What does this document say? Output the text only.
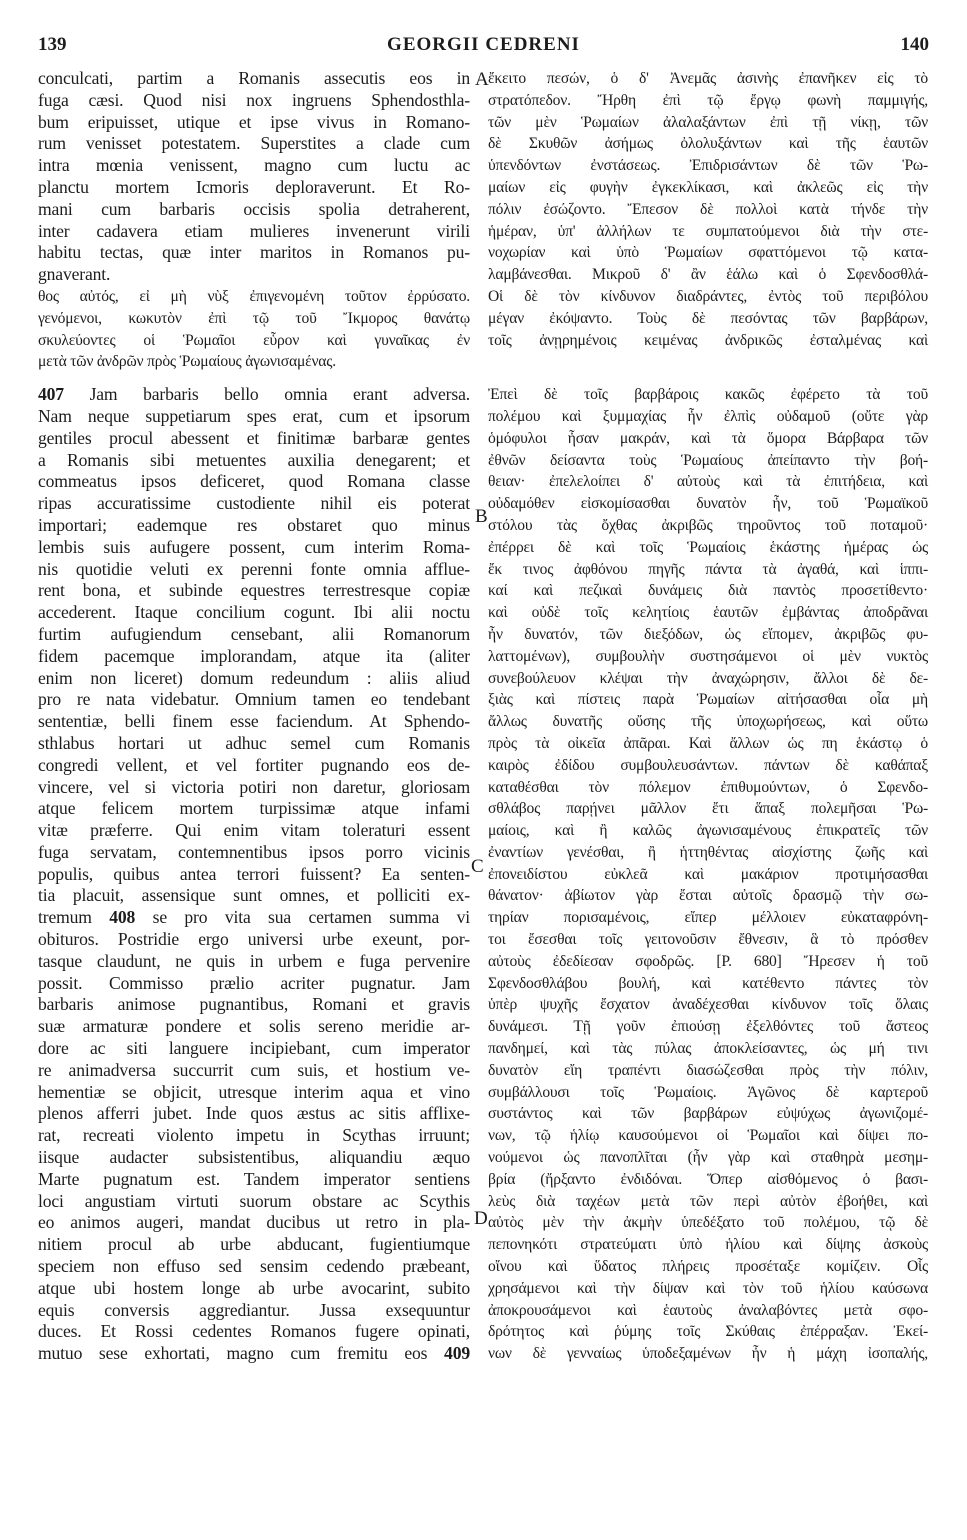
139	GEORGII CEDRENI	140
A
B
C
D

conculcati, partim a Romanis assecutis eos in

fuga cæsi. Quod nisi nox ingruens Sphendosthla-

bum eripuisset, utique et ipse vivus in Romano-

rum venisset potestatem. Superstites a clade cum

intra mœnia venissent, magno cum luctu ac

planctu mortem Icmoris deploraverunt. Et Ro-

mani cum barbaris occisis spolia detraherent,

inter cadavera etiam mulieres invenerunt virili

habitu tectas, quæ inter maritos in Romanos pu-

gnaverant.

θος αὐτός, εἰ μὴ νὺξ ἐπιγενομένη τοῦτον ἐρρύσατο.

γενόμενοι, κωκυτὸν ἐπὶ τῷ τοῦ Ἴκμορος θανάτῳ

σκυλεύοντες οἱ Ῥωμαῖοι εὗρον καὶ γυναῖκας ἐν

μετὰ τῶν ἀνδρῶν πρὸς Ῥωμαίους ἀγωνισαμένας.

407 Jam barbaris bello omnia erant adversa.

Nam neque suppetiarum spes erat, cum et ipsorum

gentiles procul abessent et finitimæ barbaræ gentes

a Romanis sibi metuentes auxilia denegarent; et

commeatus ipsos deficeret, quod Romana classe

ripas accuratissime custodiente nihil eis poterat

importari; eademque res obstaret quo minus

lembis suis aufugere possent, cum interim Roma-

nis quotidie veluti ex perenni fonte omnia afflue-

rent bona, et subinde equestres terrestresque copiæ

accederent. Itaque concilium cogunt. Ibi alii noctu

furtim aufugiendum censebant, alii Romanorum

fidem pacemque implorandam, atque ita (aliter

enim non liceret) domum redeundum : aliis aliud

pro re nata videbatur. Omnium tamen eo tendebant

sententiæ, belli finem esse faciendum. At Sphendo-

sthlabus hortari ut adhuc semel cum Romanis

congredi vellent, et vel fortiter pugnando eos de-

vincere, vel si victoria potiri non daretur, gloriosam

atque felicem mortem turpissimæ atque infami

vitæ præferre. Qui enim vitam toleraturi essent

fuga servatam, contemnentibus ipsos porro vicinis

populis, quibus antea terrori fuissent? Ea senten-

tia placuit, assensique sunt omnes, et polliciti ex-

tremum 408 se pro vita sua certamen summa vi

obituros. Postridie ergo universi urbe exeunt, por-

tasque claudunt, ne quis in urbem e fuga pervenire

possit. Commisso prælio acriter pugnatur. Jam

barbaris animose pugnantibus, Romani et gravis

suæ armaturæ pondere et solis sereno meridie ar-

dore ac siti languere incipiebant, cum imperator

re animadversa succurrit cum suis, et hostium ve-

hementiæ se objicit, utresque interim aqua et vino

plenos afferri jubet. Inde quos æstus ac sitis afflixe-

rat, recreati violento impetu in Scythas irruunt;

iisque audacter subsistentibus, aliquandiu æquo

Marte pugnatum est. Tandem imperator sentiens

loci angustiam virtuti suorum obstare ac Scythis

eo animos augeri, mandat ducibus ut retro in pla-

nitiem procul ab urbe abducant, fugientiumque

speciem non effuso sed sensim cedendo præbeant,

atque ubi hostem longe ab urbe avocarint, subito

equis conversis aggrediantur. Jussa exsequuntur

duces. Et Rossi cedentes Romanos fugere opinati,

mutuo sese exhortati, magno cum fremitu eos 409

ἔκειτο πεσών, ὁ δ' Ἀνεμᾶς ἀσινὴς ἐπανῆκεν εἰς τὸ

στρατόπεδον. Ἤρθη ἐπὶ τῷ ἔργῳ φωνὴ παμμιγής,

τῶν μὲν Ῥωμαίων ἀλαλαξάντων ἐπὶ τῇ νίκῃ, τῶν

δὲ Σκυθῶν ἀσήμως ὀλολυξάντων καὶ τῆς ἑαυτῶν

ὑπενδόντων ἐνστάσεως. Ἐπιδρισάντων δὲ τῶν Ῥω-

μαίων εἰς φυγὴν ἐγκεκλίκασι, καὶ ἀκλεῶς εἰς τὴν

πόλιν ἐσώζοντο. Ἔπεσον δὲ πολλοὶ κατὰ τήνδε τὴν

ἡμέραν, ὑπ' ἀλλήλων τε συμπατούμενοι διὰ τὴν στε-

νοχωρίαν καὶ ὑπὸ Ῥωμαίων σφαττόμενοι τῷ κατα-

λαμβάνεσθαι. Μικροῦ δ' ἂν ἑάλω καὶ ὁ Σφενδοσθλά-

Οἱ δὲ τὸν κίνδυνον διαδράντες, ἐντὸς τοῦ περιβόλου

μέγαν ἐκόψαντο. Τοὺς δὲ πεσόντας τῶν βαρβάρων,

τοῖς ἀνῃρημένοις κειμένας ἀνδρικῶς ἐσταλμένας καὶ

Ἐπεὶ δὲ τοῖς βαρβάροις κακῶς ἐφέρετο τὰ τοῦ

πολέμου καὶ ξυμμαχίας ἦν ἐλπὶς οὐδαμοῦ (οὔτε γὰρ

ὁμόφυλοι ἦσαν μακράν, καὶ τὰ ὅμορα Βάρβαρα τῶν

ἐθνῶν δείσαντα τοὺς Ῥωμαίους ἀπείπαντο τὴν βοή-

θειαν· ἐπελελοίπει δ' αὐτοὺς καὶ τὰ ἐπιτήδεια, καὶ

οὐδαμόθεν εἰσκομίσασθαι δυνατὸν ἦν, τοῦ Ῥωμαϊκοῦ

στόλου τὰς ὄχθας ἀκριβῶς τηροῦντος τοῦ ποταμοῦ·

ἐπέρρει δὲ καὶ τοῖς Ῥωμαίοις ἑκάστης ἡμέρας ὡς

ἔκ τινος ἀφθόνου πηγῆς πάντα τὰ ἀγαθά, καὶ ἱππι-

καί καὶ πεζικαὶ δυνάμεις διὰ παντὸς προσετίθεντο·

καὶ οὐδὲ τοῖς κελητίοις ἑαυτῶν ἐμβάντας ἀποδρᾶναι

ἦν δυνατόν, τῶν διεξόδων, ὡς εἴπομεν, ἀκριβῶς φυ-

λαττομένων), συμβουλὴν συστησάμενοι οἱ μὲν νυκτὸς

συνεβούλευον κλέψαι τὴν ἀναχώρησιν, ἄλλοι δὲ δε-

ξιὰς καὶ πίστεις παρὰ Ῥωμαίων αἰτήσασθαι οἷα μὴ

ἄλλως δυνατῆς οὔσης τῆς ὑποχωρήσεως, καὶ οὕτω

πρὸς τὰ οἰκεῖα ἀπᾶραι. Καὶ ἄλλων ὡς πη ἑκάστῳ ὁ

καιρὸς ἐδίδου συμβουλευσάντων. πάντων δὲ καθάπαξ

καταθέσθαι τὸν πόλεμον ἐπιθυμούντων, ὁ Σφενδο-

σθλάβος παρῄνει μᾶλλον ἔτι ἅπαξ πολεμῆσαι Ῥω-

μαίοις, καὶ ἢ καλῶς ἀγωνισαμένους ἐπικρατεῖς τῶν

ἐναντίων γενέσθαι, ἢ ἡττηθέντας αἰσχίστης ζωῆς καὶ

ἐπονειδίστου εὐκλεᾶ καὶ μακάριον προτιμήσασθαι

θάνατον· ἀβίωτον γὰρ ἔσται αὐτοῖς δρασμῷ τὴν σω-

τηρίαν πορισαμένοις, εἴπερ μέλλοιεν εὐκαταφρόνη-

τοι ἔσεσθαι τοῖς γειτονοῦσιν ἔθνεσιν, ἃ τὸ πρόσθεν

αὐτοὺς ἐδεδίεσαν σφοδρῶς. [P. 680] Ἤρεσεν ἡ τοῦ

Σφενδοσθλάβου βουλή, καὶ κατέθεντο πάντες τὸν

ὑπὲρ ψυχῆς ἔσχατον ἀναδέχεσθαι κίνδυνον τοῖς ὅλαις

δυνάμεσι. Τῇ γοῦν ἐπιούσῃ ἐξελθόντες τοῦ ἄστεος

πανδημεί, καὶ τὰς πύλας ἀποκλείσαντες, ὡς μή τινι

δυνατὸν εἴη τραπέντι διασώζεσθαι πρὸς τὴν πόλιν,

συμβάλλουσι τοῖς Ῥωμαίοις. Ἀγῶνος δὲ καρτεροῦ

συστάντος καὶ τῶν βαρβάρων εὐψύχως ἀγωνιζομέ-

νων, τῷ ἡλίῳ καυσούμενοι οἱ Ῥωμαῖοι καὶ δίψει πο-

νούμενοι ὡς πανοπλῖται (ἦν γὰρ καὶ σταθηρὰ μεσημ-

βρία (ἤρξαντο ἐνδιδόναι. Ὅπερ αἰσθόμενος ὁ βασι-

λεὺς διὰ ταχέων μετὰ τῶν περὶ αὐτὸν ἐβοήθει, καὶ

αὐτὸς μὲν τὴν ἀκμὴν ὑπεδέξατο τοῦ πολέμου, τῷ δὲ

πεπονηκότι στρατεύματι ὑπὸ ἡλίου καὶ δίψης ἀσκοὺς

οἴνου καὶ ὕδατος πλήρεις προσέταξε κομίζειν. Οἷς

χρησάμενοι καὶ τὴν δίψαν καὶ τὸν τοῦ ἡλίου καύσωνα

ἀποκρουσάμενοι καὶ ἑαυτοὺς ἀναλαβόντες μετὰ σφο-

δρότητος καὶ ῥύμης τοῖς Σκύθαις ἐπέρραξαν. Ἐκεί-

νων δὲ γενναίως ὑποδεξαμένων ἦν ἡ μάχη ἰσοπαλής,
